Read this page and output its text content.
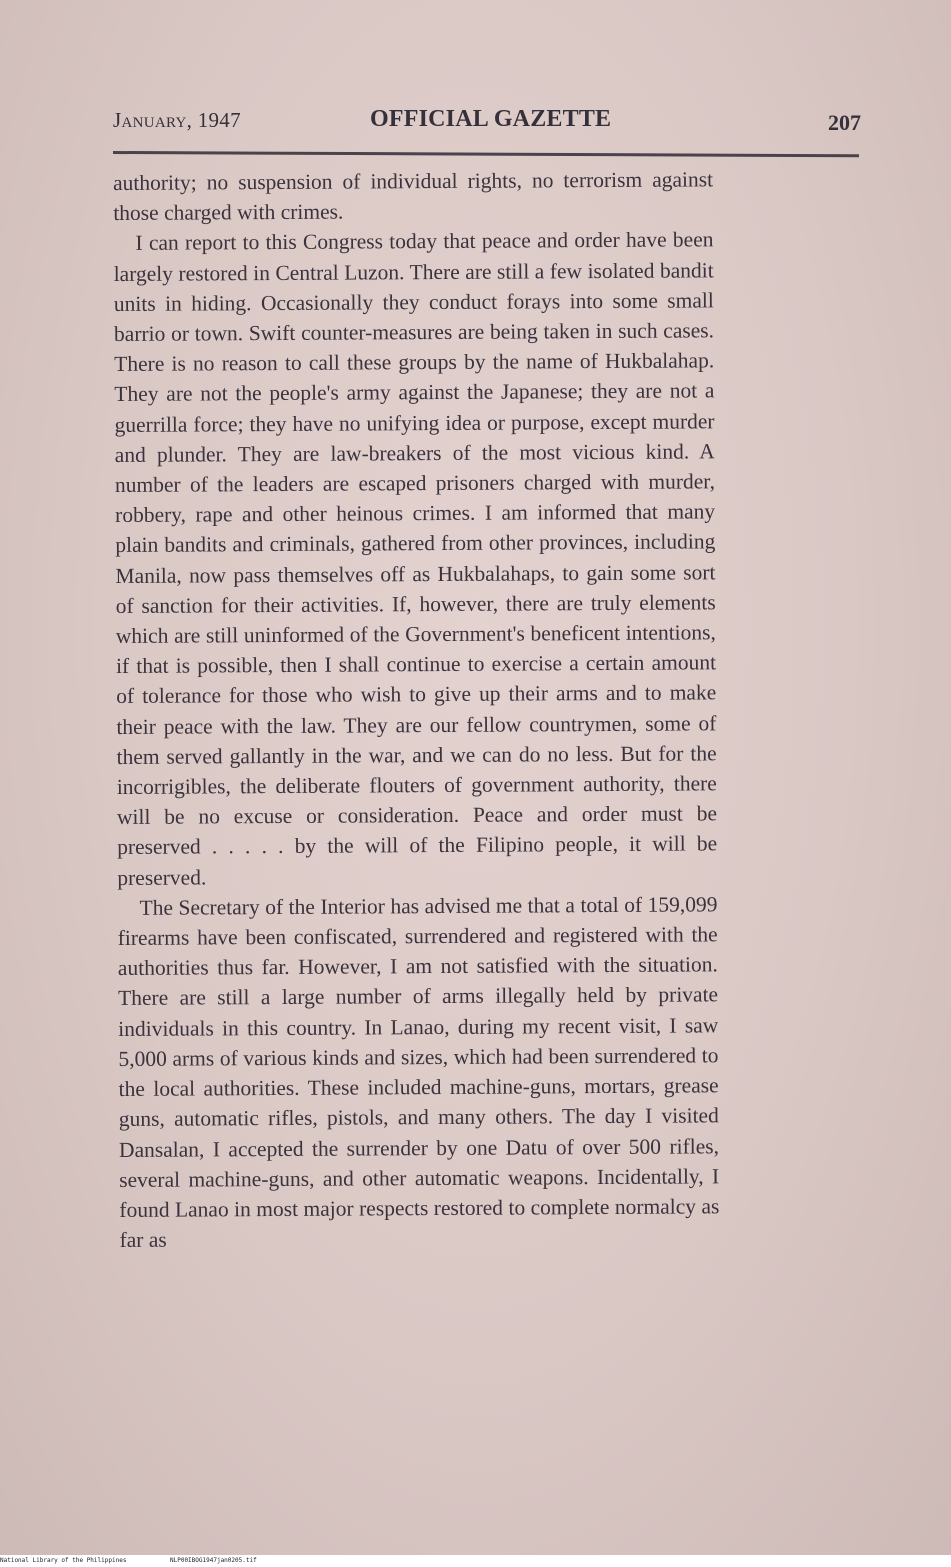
January, 1947	OFFICIAL GAZETTE	207

authority; no suspension of individual rights, no terrorism against those charged with crimes.

I can report to this Congress today that peace and order have been largely restored in Central Luzon. There are still a few isolated bandit units in hiding. Occasionally they conduct forays into some small barrio or town. Swift counter-measures are being taken in such cases. There is no reason to call these groups by the name of Hukbalahap. They are not the people's army against the Japanese; they are not a guerrilla force; they have no unifying idea or purpose, except murder and plunder. They are law-breakers of the most vicious kind. A number of the leaders are escaped prisoners charged with murder, robbery, rape and other heinous crimes. I am informed that many plain bandits and criminals, gathered from other provinces, including Manila, now pass themselves off as Hukbalahaps, to gain some sort of sanction for their activities. If, however, there are truly elements which are still uninformed of the Government's beneficent intentions, if that is possible, then I shall continue to exercise a certain amount of tolerance for those who wish to give up their arms and to make their peace with the law. They are our fellow countrymen, some of them served gallantly in the war, and we can do no less. But for the incorrigibles, the deliberate flouters of government authority, there will be no excuse or consideration. Peace and order must be preserved . . . . . by the will of the Filipino people, it will be preserved.

The Secretary of the Interior has advised me that a total of 159,099 firearms have been confiscated, surrendered and registered with the authorities thus far. However, I am not satisfied with the situation. There are still a large number of arms illegally held by private individuals in this country. In Lanao, during my recent visit, I saw 5,000 arms of various kinds and sizes, which had been surrendered to the local authorities. These included machine-guns, mortars, grease guns, automatic rifles, pistols, and many others. The day I visited Dansalan, I accepted the surrender by one Datu of over 500 rifles, several machine-guns, and other automatic weapons. Incidentally, I found Lanao in most major respects restored to complete normalcy as far as

National Library of the Philippines	NLP00IBOG1947jan0205.tif
